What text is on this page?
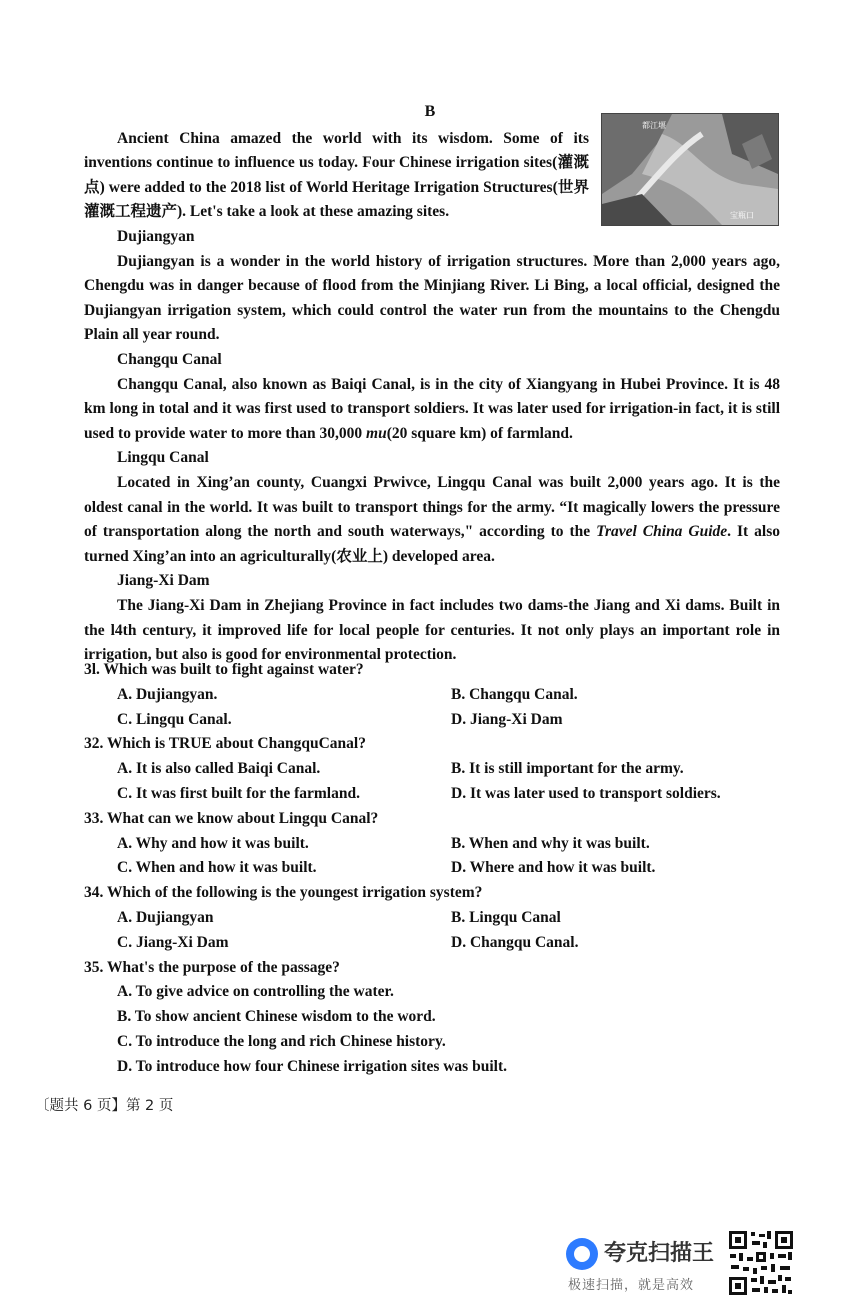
B

Ancient China amazed the world with its wisdom. Some of its inventions continue to influence us today. Four Chinese irrigation sites(灌溉点) were added to the 2018 list of World Heritage Irrigation Structures(世界灌溉工程遗产). Let's take a look at these amazing sites.

都江堰
宝瓶口
Dujiangyan

Dujiangyan is a wonder in the world history of irrigation structures. More than 2,000 years ago, Chengdu was in danger because of flood from the Minjiang River. Li Bing, a local official, designed the Dujiangyan irrigation system, which could control the water run from the mountains to the Chengdu Plain all year round.

Changqu Canal

Changqu Canal, also known as Baiqi Canal, is in the city of Xiangyang in Hubei Province. It is 48 km long in total and it was first used to transport soldiers. It was later used for irrigation-in fact, it is still used to provide water to more than 30,000 mu(20 square km) of farmland.

Lingqu Canal

Located in Xing’an county, Cuangxi Prwivce, Lingqu Canal was built 2,000 years ago. It is the oldest canal in the world. It was built to transport things for the army. “It magically lowers the pressure of transportation along the north and south waterways," according to the Travel China Guide. It also turned Xing’an into an agriculturally(农业上) developed area.

Jiang-Xi Dam

The Jiang-Xi Dam in Zhejiang Province in fact includes two dams-the Jiang and Xi dams. Built in the l4th century, it improved life for local people for centuries. It not only plays an important role in irrigation, but also is good for environmental protection.

3l. Which was built to fight against water?
A. Dujiangyan.	B. Changqu Canal.
C. Lingqu Canal.	D. Jiang-Xi Dam
32. Which is TRUE about ChangquCanal?
A. It is also called Baiqi Canal.	B. It is still important for the army.
C. It was first built for the farmland.	D. It was later used to transport soldiers.
33. What can we know about Lingqu Canal?
A. Why and how it was built.	B. When and why it was built.
C. When and how it was built.	D. Where and how it was built.
34. Which of the following is the youngest irrigation system?
A. Dujiangyan	B. Lingqu Canal
C. Jiang-Xi Dam	D. Changqu Canal.
35. What's the purpose of the passage?
A. To give advice on controlling the water.
B. To show ancient Chinese wisdom to the word.
C. To introduce the long and rich Chinese history.
D. To introduce how four Chinese irrigation sites was built.
〔题共 6 页】第 2 页
夸克扫描王
极速扫描，就是高效
